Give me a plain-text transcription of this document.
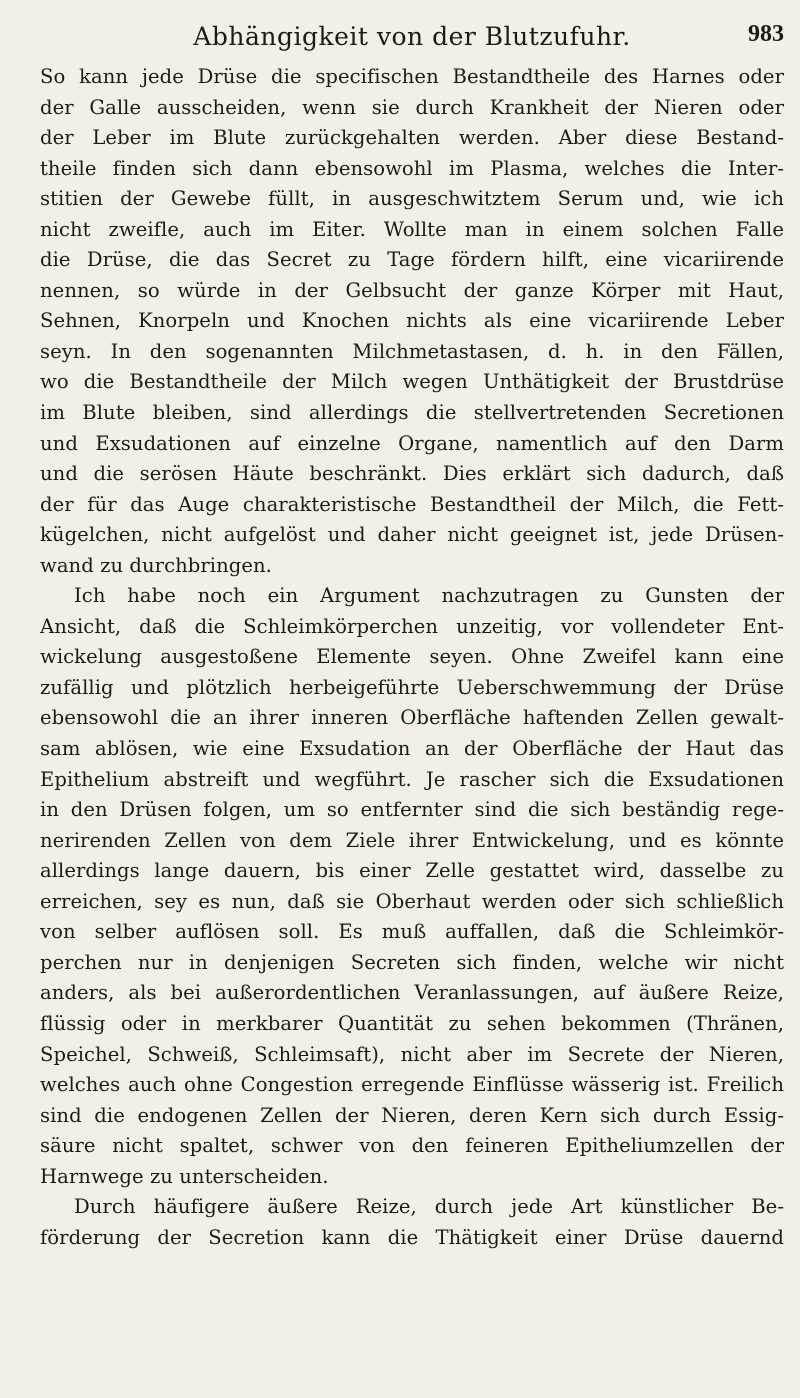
Abhängigkeit von der Blutzufuhr.	983
So kann jede Drüse die specifischen Bestandtheile des Harnes oder
der Galle ausscheiden, wenn sie durch Krankheit der Nieren oder
der Leber im Blute zurückgehalten werden. Aber diese Bestand-
theile finden sich dann ebensowohl im Plasma, welches die Inter-
stitien der Gewebe füllt, in ausgeschwitztem Serum und, wie ich
nicht zweifle, auch im Eiter. Wollte man in einem solchen Falle
die Drüse, die das Secret zu Tage fördern hilft, eine vicariirende
nennen, so würde in der Gelbsucht der ganze Körper mit Haut,
Sehnen, Knorpeln und Knochen nichts als eine vicariirende Leber
seyn. In den sogenannten Milchmetastasen, d. h. in den Fällen,
wo die Bestandtheile der Milch wegen Unthätigkeit der Brustdrüse
im Blute bleiben, sind allerdings die stellvertretenden Secretionen
und Exsudationen auf einzelne Organe, namentlich auf den Darm
und die serösen Häute beschränkt. Dies erklärt sich dadurch, daß
der für das Auge charakteristische Bestandtheil der Milch, die Fett-
kügelchen, nicht aufgelöst und daher nicht geeignet ist, jede Drüsen-
wand zu durchbringen.
Ich habe noch ein Argument nachzutragen zu Gunsten der
Ansicht, daß die Schleimkörperchen unzeitig, vor vollendeter Ent-
wickelung ausgestoßene Elemente seyen. Ohne Zweifel kann eine
zufällig und plötzlich herbeigeführte Ueberschwemmung der Drüse
ebensowohl die an ihrer inneren Oberfläche haftenden Zellen gewalt-
sam ablösen, wie eine Exsudation an der Oberfläche der Haut das
Epithelium abstreift und wegführt. Je rascher sich die Exsudationen
in den Drüsen folgen, um so entfernter sind die sich beständig rege-
nerirenden Zellen von dem Ziele ihrer Entwickelung, und es könnte
allerdings lange dauern, bis einer Zelle gestattet wird, dasselbe zu
erreichen, sey es nun, daß sie Oberhaut werden oder sich schließlich
von selber auflösen soll. Es muß auffallen, daß die Schleimkör-
perchen nur in denjenigen Secreten sich finden, welche wir nicht
anders, als bei außerordentlichen Veranlassungen, auf äußere Reize,
flüssig oder in merkbarer Quantität zu sehen bekommen (Thränen,
Speichel, Schweiß, Schleimsaft), nicht aber im Secrete der Nieren,
welches auch ohne Congestion erregende Einflüsse wässerig ist. Freilich
sind die endogenen Zellen der Nieren, deren Kern sich durch Essig-
säure nicht spaltet, schwer von den feineren Epitheliumzellen der
Harnwege zu unterscheiden.
Durch häufigere äußere Reize, durch jede Art künstlicher Be-
förderung der Secretion kann die Thätigkeit einer Drüse dauernd
